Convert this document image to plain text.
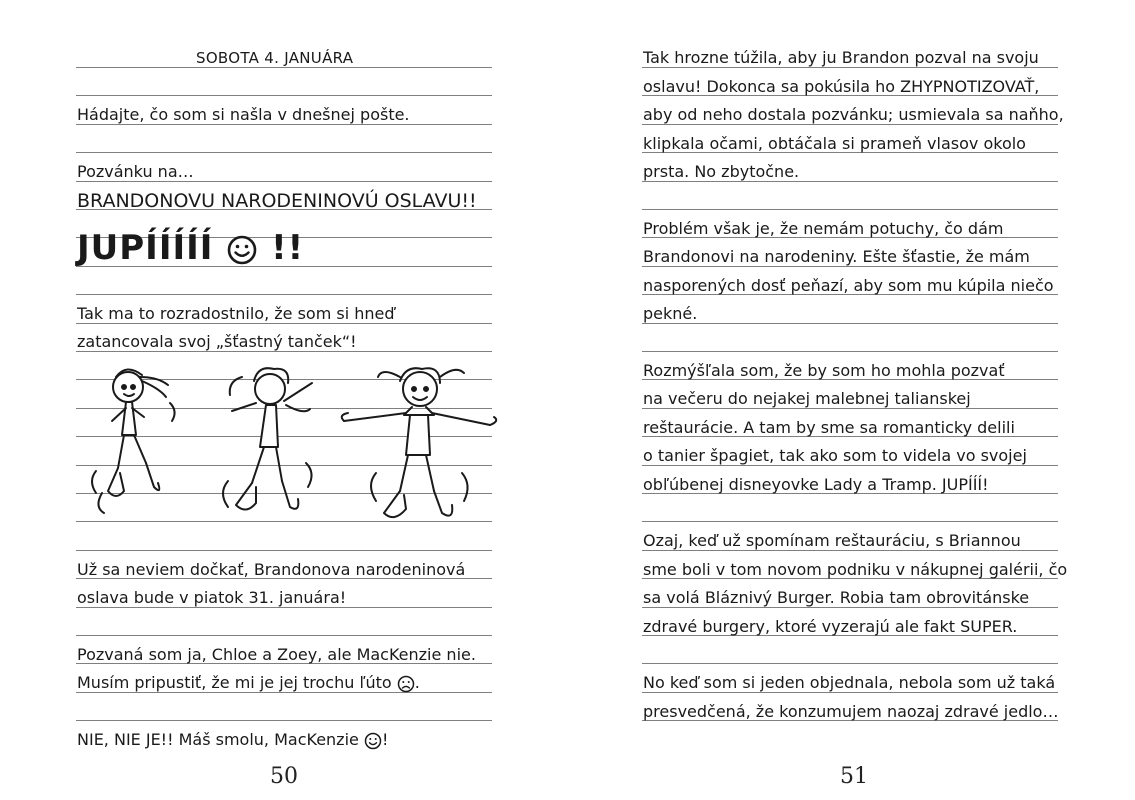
SOBOTA 4. JANUÁRA
Hádajte, čo som si našla v dnešnej pošte.
Pozvánku na…
BRANDONOVU NARODENINOVÚ OSLAVU!!
JUPÍÍÍÍÍ !!
Tak ma to rozradostnilo, že som si hneď
zatancovala svoj „šťastný tanček“!
Už sa neviem dočkať, Brandonova narodeninová
oslava bude v piatok 31. januára!
Pozvaná som ja, Chloe a Zoey, ale MacKenzie nie.
Musím pripustiť, že mi je jej trochu ľúto .
NIE, NIE JE!! Máš smolu, MacKenzie !
50
Tak hrozne túžila, aby ju Brandon pozval na svoju
oslavu! Dokonca sa pokúsila ho ZHYPNOTIZOVAŤ,
aby od neho dostala pozvánku; usmievala sa naňho,
klipkala očami, obtáčala si prameň vlasov okolo
prsta. No zbytočne.
Problém však je, že nemám potuchy, čo dám
Brandonovi na narodeniny. Ešte šťastie, že mám
nasporených dosť peňazí, aby som mu kúpila niečo
pekné.
Rozmýšľala som, že by som ho mohla pozvať
na večeru do nejakej malebnej talianskej
reštaurácie. A tam by sme sa romanticky delili
o tanier špagiet, tak ako som to videla vo svojej
obľúbenej disneyovke Lady a Tramp. JUPÍÍÍ!
Ozaj, keď už spomínam reštauráciu, s Briannou
sme boli v tom novom podniku v nákupnej galérii, čo
sa volá Bláznivý Burger. Robia tam obrovitánske
zdravé burgery, ktoré vyzerajú ale fakt SUPER.
No keď som si jeden objednala, nebola som už taká
presvedčená, že konzumujem naozaj zdravé jedlo…
51
